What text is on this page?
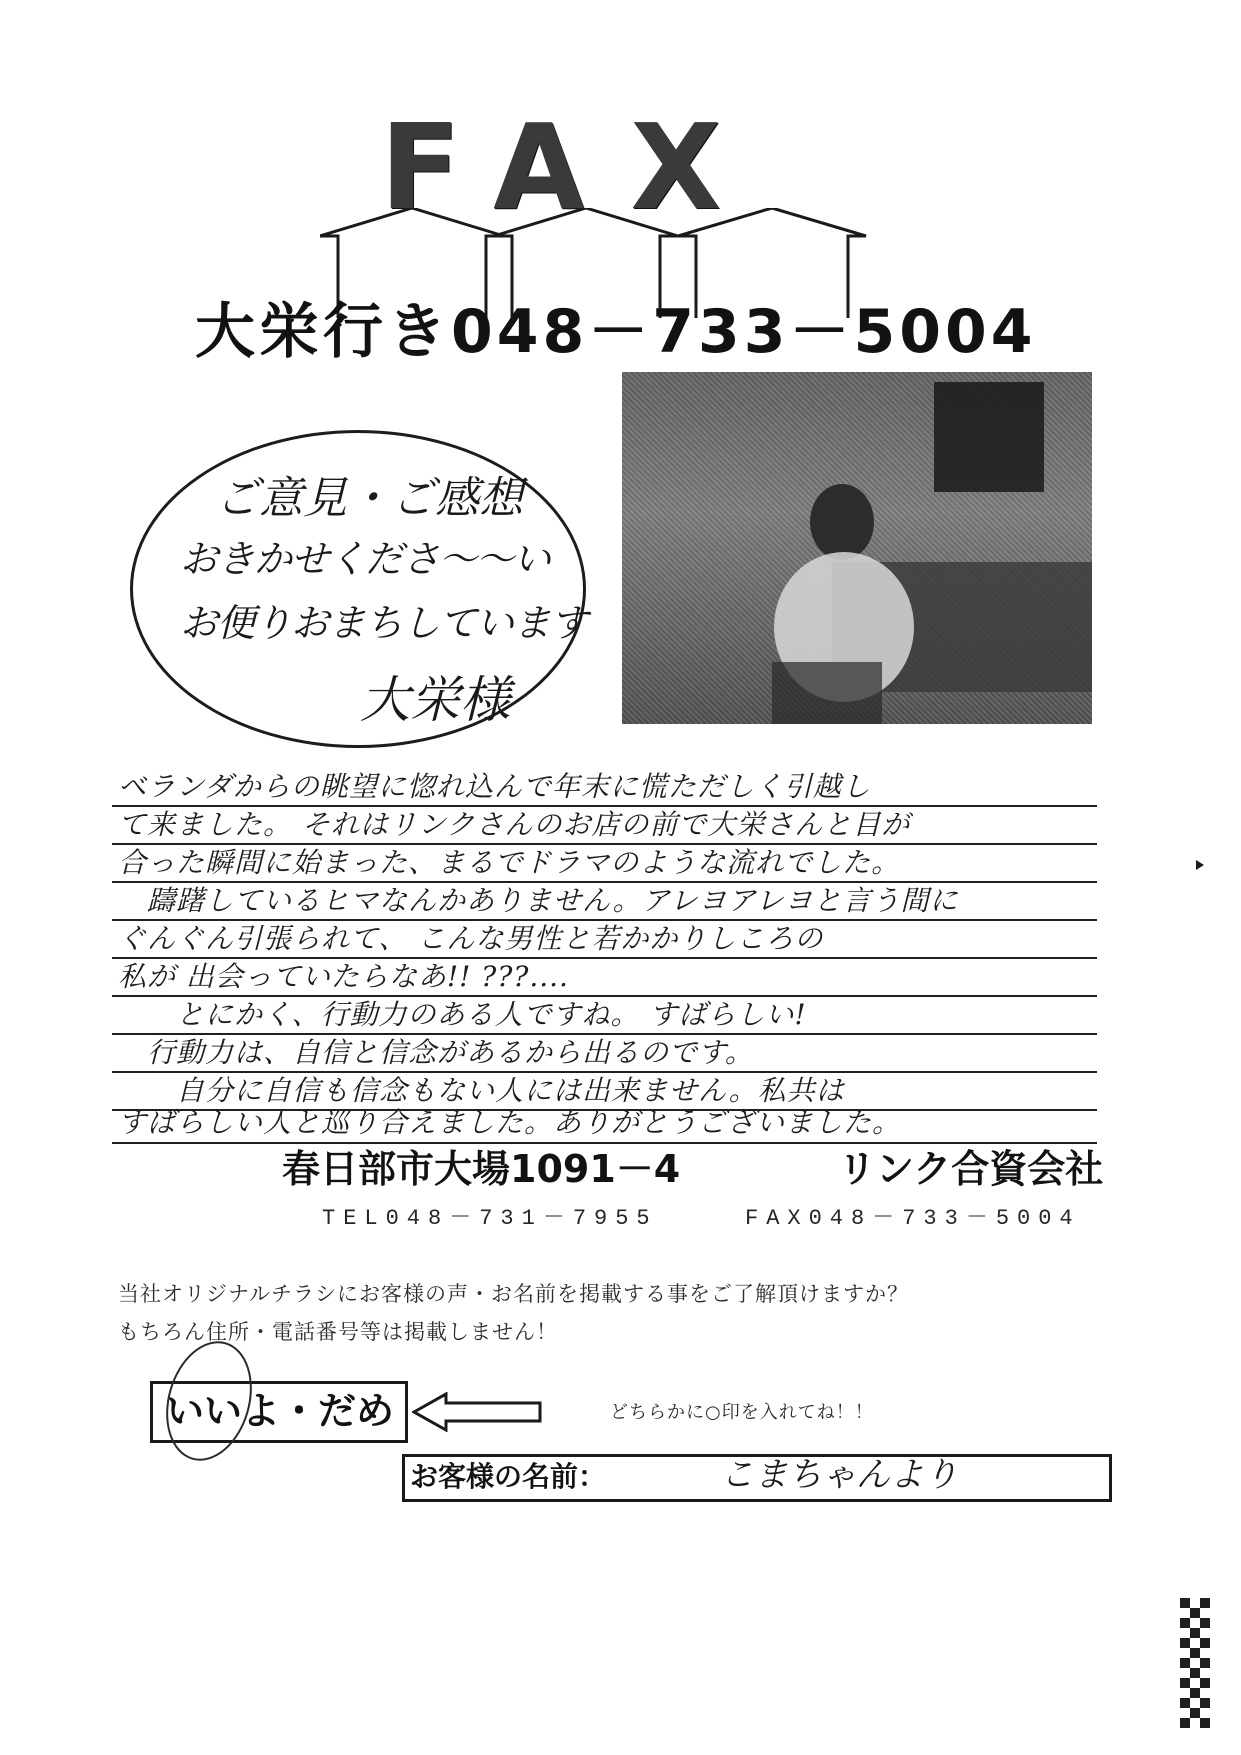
FAX
大栄行き048－733－5004
ご意見・ご感想
おきかせくださ〜〜い
お便りおまちしています
大栄様
ベランダからの眺望に惚れ込んで年末に慌ただしく引越し
て来ました。 それはリンクさんのお店の前で大栄さんと目が
合った瞬間に始まった、まるでドラマのような流れでした。
　躊躇しているヒマなんかありません。アレヨアレヨと言う間に
ぐんぐん引張られて、 こんな男性と若かかりしころの
私が 出会っていたらなあ!! ???....
　　とにかく、行動力のある人ですね。 すばらしい!
　行動力は、自信と信念があるから出るのです。
　　自分に自信も信念もない人には出来ません。私共は
すばらしい人と巡り合えました。ありがとうございました。
春日部市大場1091－4	リンク合資会社
TEL048－731－7955	FAX048－733－5004
当社オリジナルチラシにお客様の声・お名前を掲載する事をご了解頂けますか？
もちろん住所・電話番号等は掲載しません！
いいよ・だめ	どちらかに○印を入れてね！！
お客様の名前：	こまちゃんより
